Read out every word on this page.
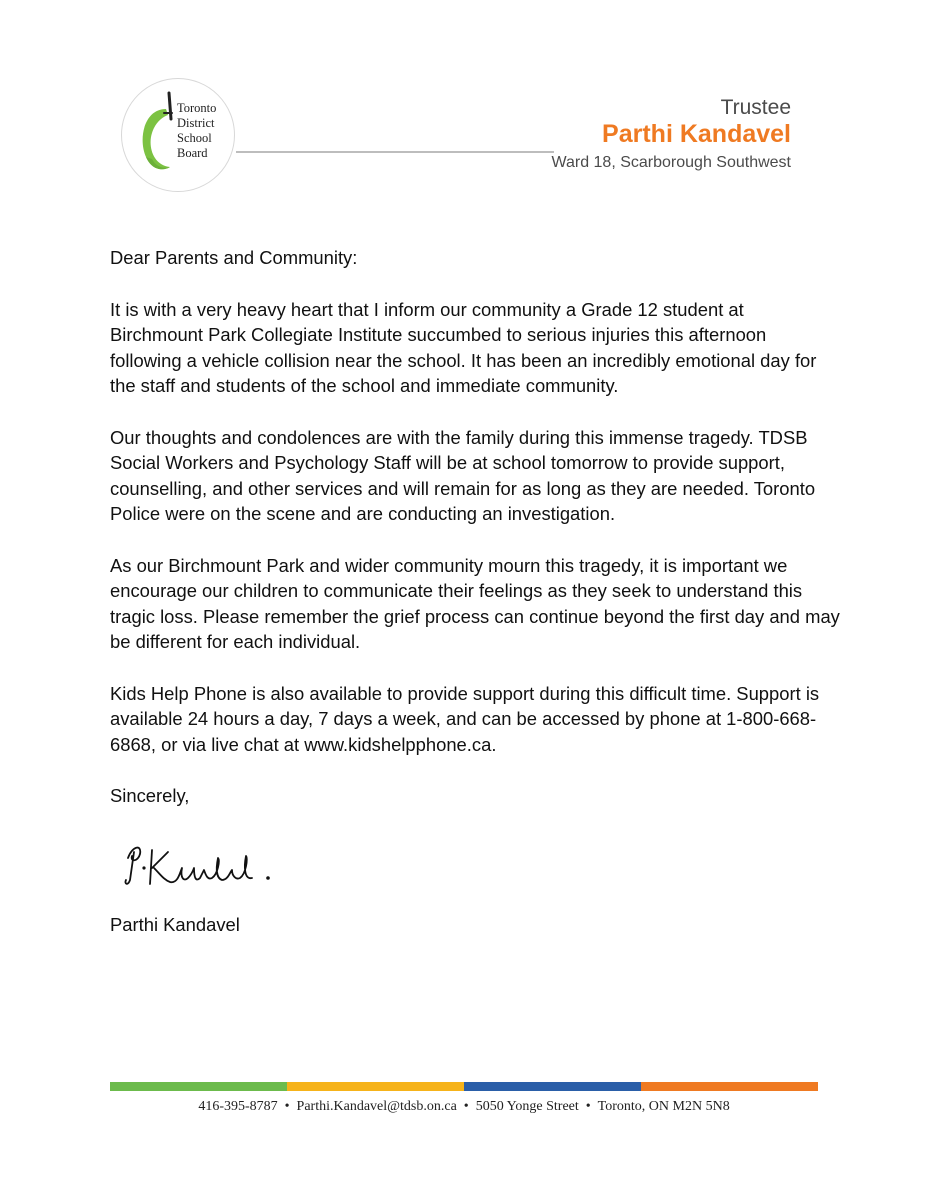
Toronto
District
School
Board
Trustee
Parthi Kandavel
Ward 18, Scarborough Southwest

Dear Parents and Community:

It is with a very heavy heart that I inform our community a Grade 12 student at Birchmount Park Collegiate Institute succumbed to serious injuries this afternoon following a vehicle collision near the school. It has been an incredibly emotional day for the staff and students of the school and immediate community.

Our thoughts and condolences are with the family during this immense tragedy. TDSB Social Workers and Psychology Staff will be at school tomorrow to provide support, counselling, and other services and will remain for as long as they are needed. Toronto Police were on the scene and are conducting an investigation.

As our Birchmount Park and wider community mourn this tragedy, it is important we encourage our children to communicate their feelings as they seek to understand this tragic loss. Please remember the grief process can continue beyond the first day and may be different for each individual.

Kids Help Phone is also available to provide support during this difficult time. Support is available 24 hours a day, 7 days a week, and can be accessed by phone at 1-800-668-6868, or via live chat at www.kidshelpphone.ca.

Sincerely,

Parthi Kandavel
416-395-8787 • Parthi.Kandavel@tdsb.on.ca • 5050 Yonge Street • Toronto, ON M2N 5N8
